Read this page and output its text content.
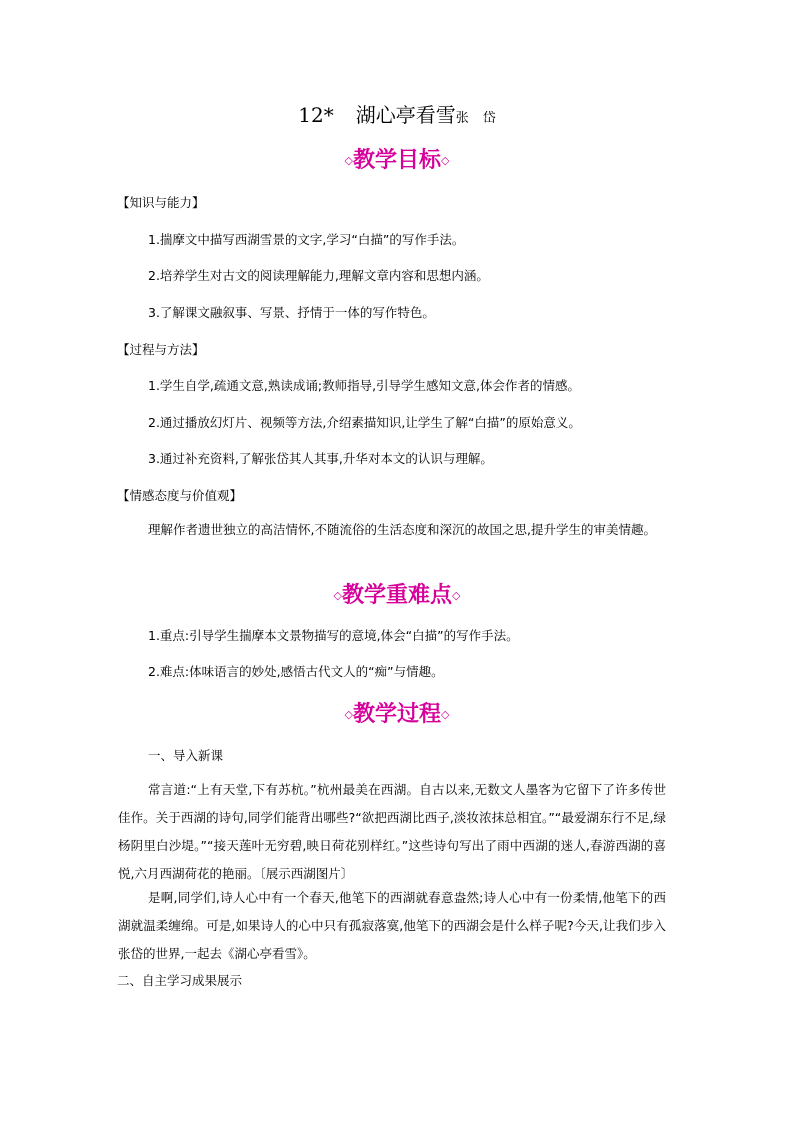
12* 湖心亭看雪张 岱
◇教学目标◇
【知识与能力】
1.揣摩文中描写西湖雪景的文字,学习“白描”的写作手法。
2.培养学生对古文的阅读理解能力,理解文章内容和思想内涵。
3.了解课文融叙事、写景、抒情于一体的写作特色。
【过程与方法】
1.学生自学,疏通文意,熟读成诵;教师指导,引导学生感知文意,体会作者的情感。
2.通过播放幻灯片、视频等方法,介绍素描知识,让学生了解“白描”的原始意义。
3.通过补充资料,了解张岱其人其事,升华对本文的认识与理解。
【情感态度与价值观】
理解作者遗世独立的高洁情怀,不随流俗的生活态度和深沉的故国之思,提升学生的审美情趣。
◇教学重难点◇
1.重点:引导学生揣摩本文景物描写的意境,体会“白描”的写作手法。
2.难点:体味语言的妙处,感悟古代文人的“痴”与情趣。
◇教学过程◇
一、导入新课
常言道:“上有天堂,下有苏杭。”杭州最美在西湖。自古以来,无数文人墨客为它留下了许多传世佳作。关于西湖的诗句,同学们能背出哪些?“欲把西湖比西子,淡妆浓抹总相宜。”“最爱湖东行不足,绿杨阴里白沙堤。”“接天莲叶无穷碧,映日荷花别样红。”这些诗句写出了雨中西湖的迷人,春游西湖的喜悦,六月西湖荷花的艳丽。〔展示西湖图片〕
是啊,同学们,诗人心中有一个春天,他笔下的西湖就春意盎然;诗人心中有一份柔情,他笔下的西湖就温柔缠绵。可是,如果诗人的心中只有孤寂落寞,他笔下的西湖会是什么样子呢?今天,让我们步入张岱的世界,一起去《湖心亭看雪》。
二、自主学习成果展示
